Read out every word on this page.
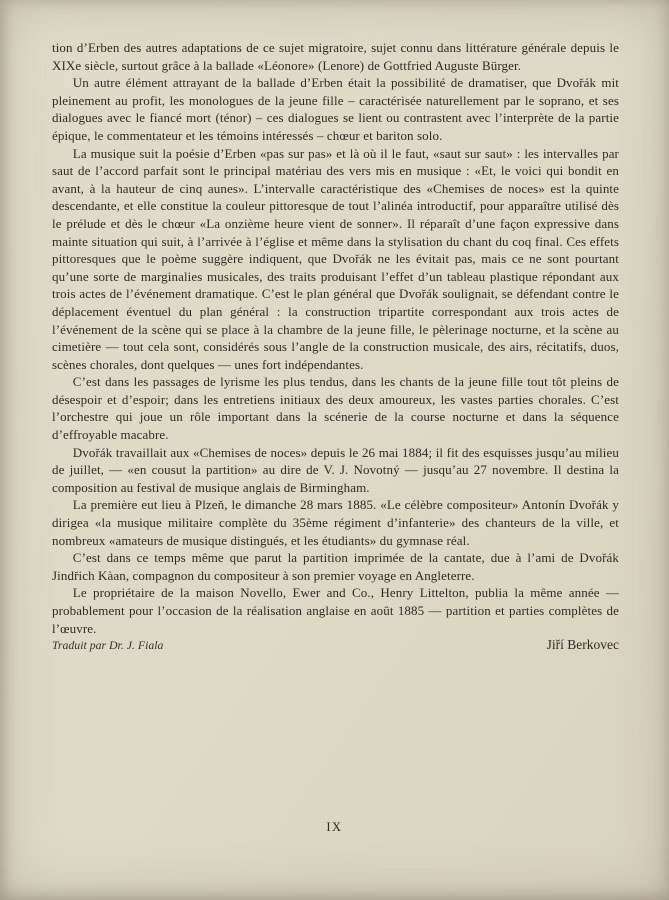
tion d’Erben des autres adaptations de ce sujet migratoire, sujet connu dans littérature générale depuis le XIXe siècle, surtout grâce à la ballade «Léonore» (Lenore) de Gottfried Auguste Bürger.

Un autre élément attrayant de la ballade d’Erben était la possibilité de dramatiser, que Dvořák mit pleinement au profit, les monologues de la jeune fille – caractérisée naturellement par le soprano, et ses dialogues avec le fiancé mort (ténor) – ces dialogues se lient ou contrastent avec l’interprète de la partie épique, le commentateur et les témoins intéressés – chœur et bariton solo.

La musique suit la poésie d’Erben «pas sur pas» et là où il le faut, «saut sur saut» : les intervalles par saut de l’accord parfait sont le principal matériau des vers mis en musique : «Et, le voici qui bondit en avant, à la hauteur de cinq aunes». L’intervalle caractéristique des «Chemises de noces» est la quinte descendante, et elle constitue la couleur pittoresque de tout l’alinéa introductif, pour apparaître utilisé dès le prélude et dès le chœur «La onzième heure vient de sonner». Il réparaît d’une façon expressive dans mainte situation qui suit, à l’arrivée à l’église et même dans la stylisation du chant du coq final. Ces effets pittoresques que le poème suggère indiquent, que Dvořák ne les évitait pas, mais ce ne sont pourtant qu’une sorte de marginalies musicales, des traits produisant l’effet d’un tableau plastique répondant aux trois actes de l’événement dramatique. C’est le plan général que Dvořák soulignait, se défendant contre le déplacement éventuel du plan général : la construction tripartite correspondant aux trois actes de l’événement de la scène qui se place à la chambre de la jeune fille, le pèlerinage nocturne, et la scène au cimetière — tout cela sont, considérés sous l’angle de la construction musicale, des airs, récitatifs, duos, scènes chorales, dont quelques — unes fort indépendantes.

C’est dans les passages de lyrisme les plus tendus, dans les chants de la jeune fille tout tôt pleins de désespoir et d’espoir; dans les entretiens initiaux des deux amoureux, les vastes parties chorales. C’est l’orchestre qui joue un rôle important dans la scénerie de la course nocturne et dans la séquence d’effroyable macabre.

Dvořák travaillait aux «Chemises de noces» depuis le 26 mai 1884; il fit des esquisses jusqu’au milieu de juillet, — «en cousut la partition» au dire de V. J. Novotný — jusqu’au 27 novembre. Il destina la composition au festival de musique anglais de Birmingham.

La première eut lieu à Plzeň, le dimanche 28 mars 1885. «Le célèbre compositeur» Antonín Dvořák y dirigea «la musique militaire complète du 35ème régiment d’infanterie» des chanteurs de la ville, et nombreux «amateurs de musique distingués, et les étudiants» du gymnase réal.

C’est dans ce temps même que parut la partition imprimée de la cantate, due à l’ami de Dvořák Jindřich Kàan, compagnon du compositeur à son premier voyage en Angleterre.

Le propriétaire de la maison Novello, Ewer and Co., Henry Littelton, publia la même année — probablement pour l’occasion de la réalisation anglaise en août 1885 — partition et parties complètes de l’œuvre.

Traduit par Dr. J. Fiala	Jiří Berkovec
IX
